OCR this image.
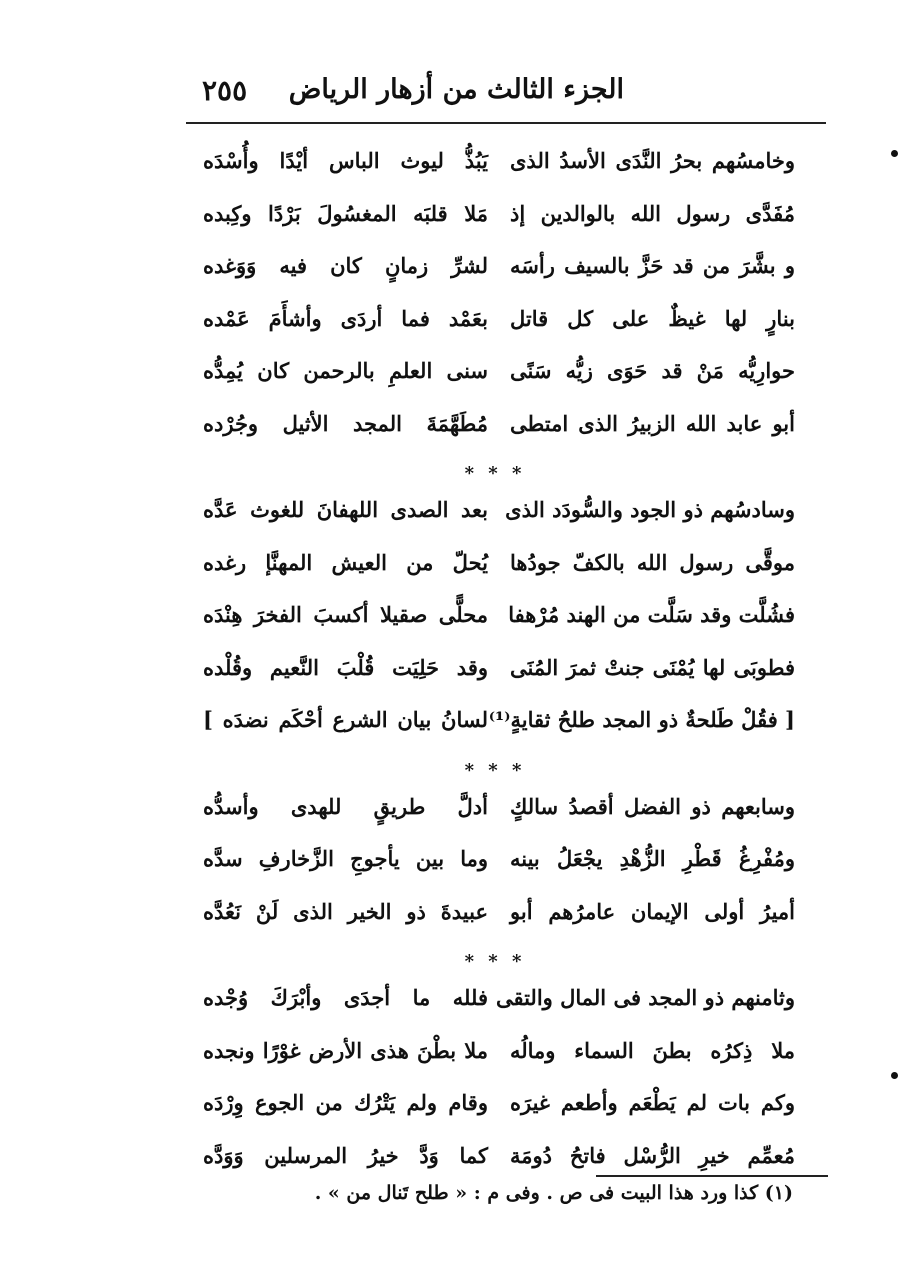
٢٥٥ الجزء الثالث من أزهار الرياض
وخامسُهم بحرُ النَّدَى الأسدُ الذى
يَبُذُّ ليوث الباس أيْدًا وأُسْدَه
مُفَدَّى رسول الله بالوالدين إذ
مَلا قلبَه المغسُولَ بَرْدًا وكِبده
و بشَّرَ من قد حَزَّ بالسيف رأسَه
لشرِّ زمانٍ كان فيه وَوَغده
بنارٍ لها غيظٌ على كل قاتل
بعَمْد فما أردَى وأشأَمَ عَمْده
حوارِيُّه مَنْ قد حَوَى زيُّه سَنًى
سنى العلمِ بالرحمن كان يُمِدُّه
أبو عابد الله الزبيرُ الذى امتطى
مُطَهَّمَةَ المجد الأثيل وجُرْده
* * *
وسادسُهم ذو الجود والسُّودَد الذى
بعد الصدى اللهفانَ للغوث عَدَّه
موقَّى رسول الله بالكفّ جودُها
يُحلّ من العيش المهنَّإ رغده
فشُلَّت وقد سَلَّت من الهند مُرْهفا
محلًّى صقيلا أكسبَ الفخرَ هِنْدَه
فطوبَى لها يُمْنَى جنتْ ثمرَ المُنَى
وقد حَلِيَت قُلْبَ النَّعيم وقُلْده
[ فقُلْ طَلحةٌ ذو المجد طلحُ ثقايةٍ⁽¹⁾
لسانُ بيان الشرع أحْكَم نضدَه ]
* * *
وسابعهم ذو الفضل أقصدُ سالكٍ
أدلَّ طريقٍ للهدى وأسدُّه
ومُفْرِغُ قَطْرِ الزُّهْدِ يجْعَلُ بينه
وما بين يأجوجِ الزَّخارفِ سدَّه
أميرُ أولى الإيمان عامرُهم أبو
عبيدةَ ذو الخير الذى لَنْ نَعُدَّه
* * *
وثامنهم ذو المجد فى المال والتقى
فلله ما أجدَى وأبْرَكَ وُجْده
ملا ذِكرُه بطنَ السماء ومالُه
ملا بطْنَ هذى الأرض غوْرًا ونجده
وكم بات لم يَطْعَم وأطعم غيرَه
وقام ولم يَتْرُك من الجوع وِرْدَه
مُعمِّم خيرِ الرُّسْل فاتحُ دُومَة
كما وَدَّ خيرُ المرسلين وَوَدَّه
(١) كذا ورد هذا البيت فى ص . وفى م : « طلح تَنال من » .
